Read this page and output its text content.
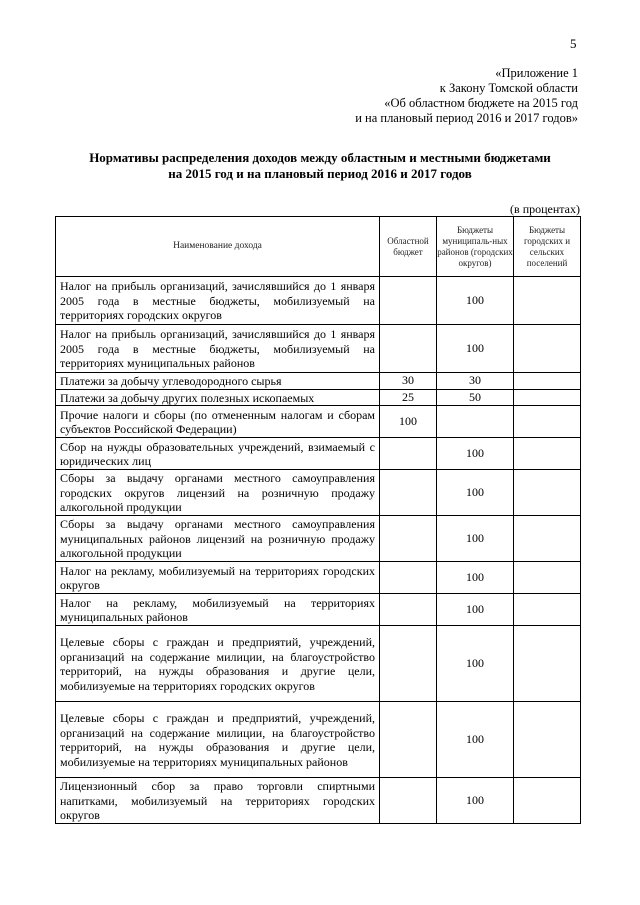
5
«Приложение 1
к Закону Томской области
«Об областном бюджете на 2015 год
и на плановый период 2016 и 2017 годов»
Нормативы распределения доходов между областным и местными бюджетами
на 2015 год и на плановый период 2016 и 2017 годов
(в процентах)
Наименование дохода	Областной бюджет	Бюджеты муниципаль-ных районов (городских округов)	Бюджеты городских и сельских поселений
Налог на прибыль организаций, зачислявшийся до 1 января 2005 года в местные бюджеты, мобилизуемый на территориях городских округов		100	
Налог на прибыль организаций, зачислявшийся до 1 января 2005 года в местные бюджеты, мобилизуемый на территориях муниципальных районов		100	
Платежи за добычу углеводородного сырья	30	30	
Платежи за добычу других полезных ископаемых	25	50	
Прочие налоги и сборы (по отмененным налогам и сборам субъектов Российской Федерации)	100		
Сбор на нужды образовательных учреждений, взимаемый с юридических лиц		100	
Сборы за выдачу органами местного самоуправления городских округов лицензий на розничную продажу алкогольной продукции		100	
Сборы за выдачу органами местного самоуправления муниципальных районов лицензий на розничную продажу алкогольной продукции		100	
Налог на рекламу, мобилизуемый на территориях городских округов		100	
Налог на рекламу, мобилизуемый на территориях муниципальных районов		100	
Целевые сборы с граждан и предприятий, учреждений, организаций на содержание милиции, на благоустройство территорий, на нужды образования и другие цели, мобилизуемые на территориях городских округов		100	
Целевые сборы с граждан и предприятий, учреждений, организаций на содержание милиции, на благоустройство территорий, на нужды образования и другие цели, мобилизуемые на территориях муниципальных районов		100	
Лицензионный сбор за право торговли спиртными напитками, мобилизуемый на территориях городских округов		100	
